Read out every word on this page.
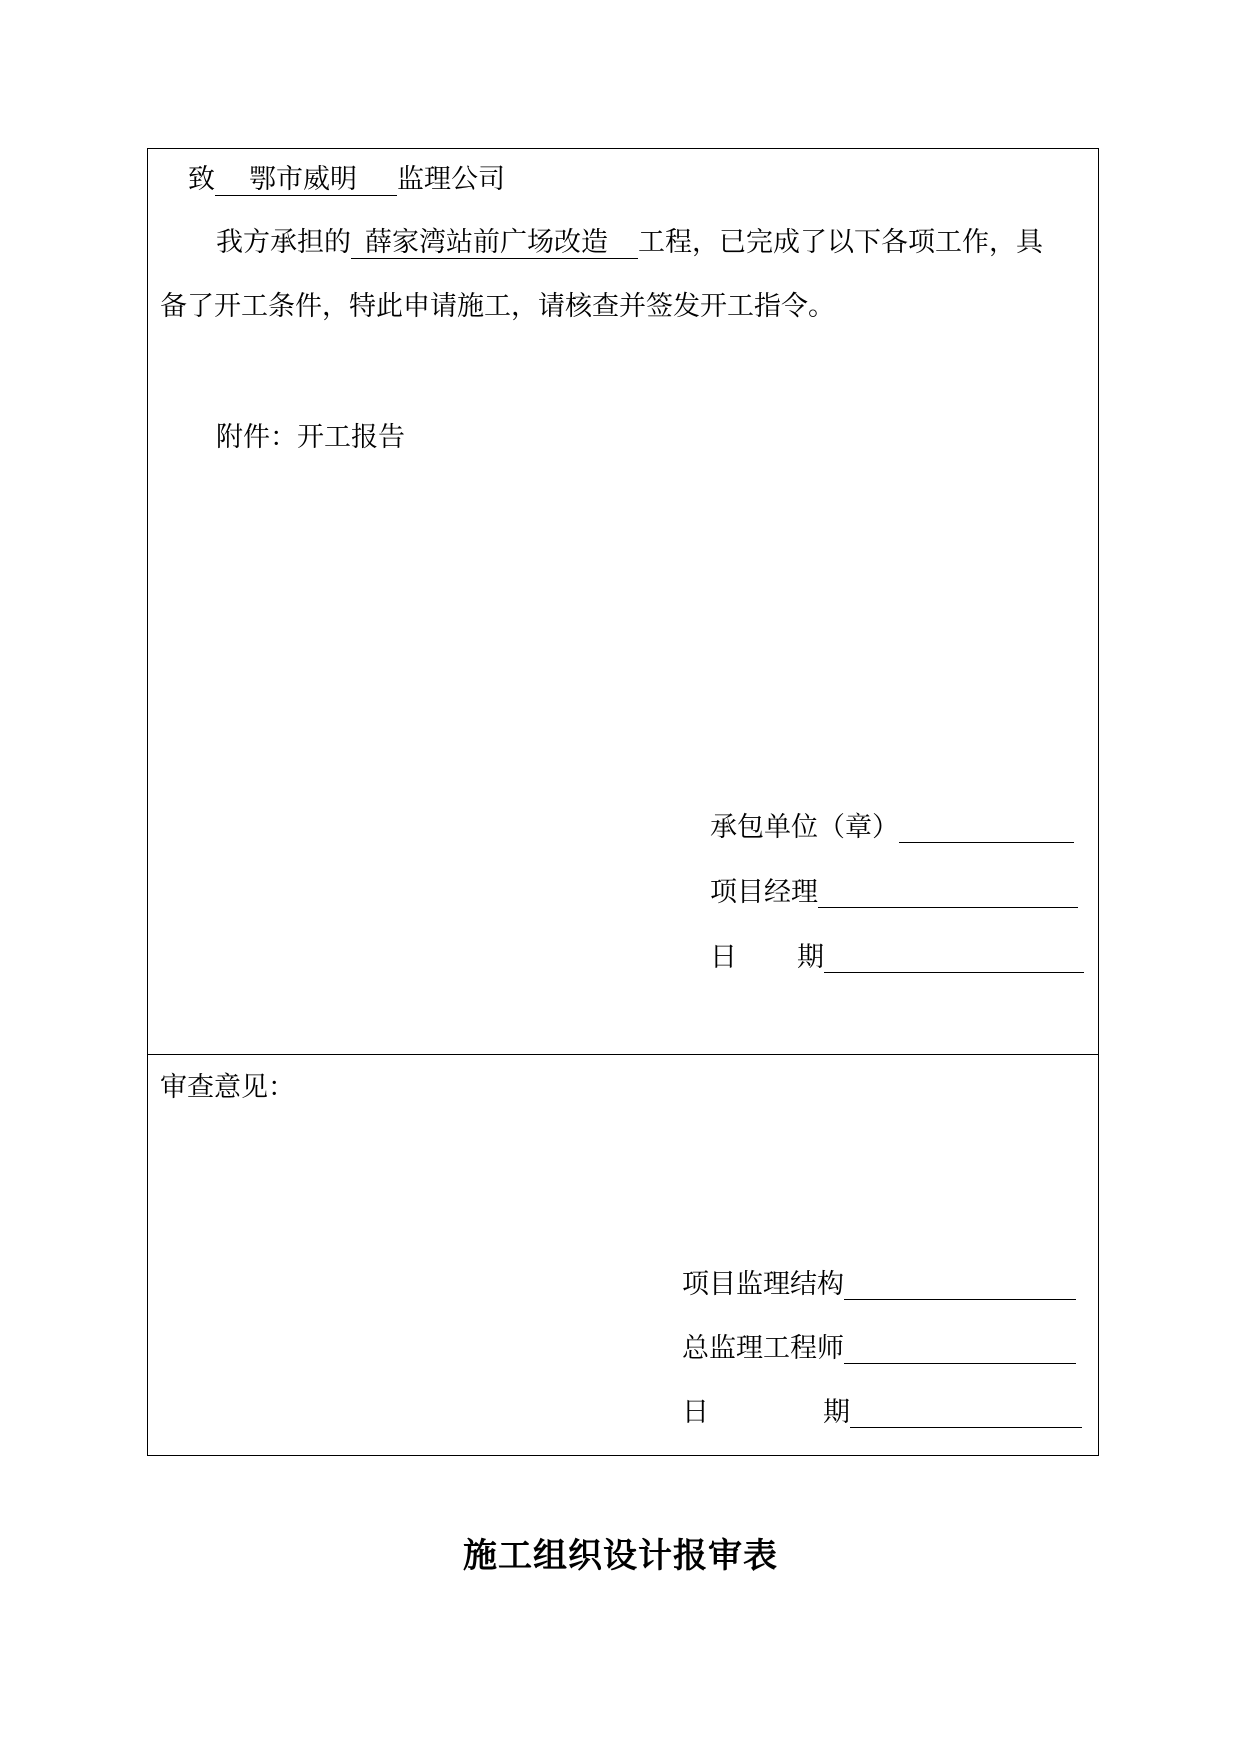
致 鄂市威明 监理公司
我方承担的 薛家湾站前广场改造 工程，已完成了以下各项工作，具
备了开工条件，特此申请施工，请核查并签发开工指令。
附件：开工报告
承包单位（章）
项目经理
日 期
审查意见：
项目监理结构
总监理工程师
日	期
施工组织设计报审表
